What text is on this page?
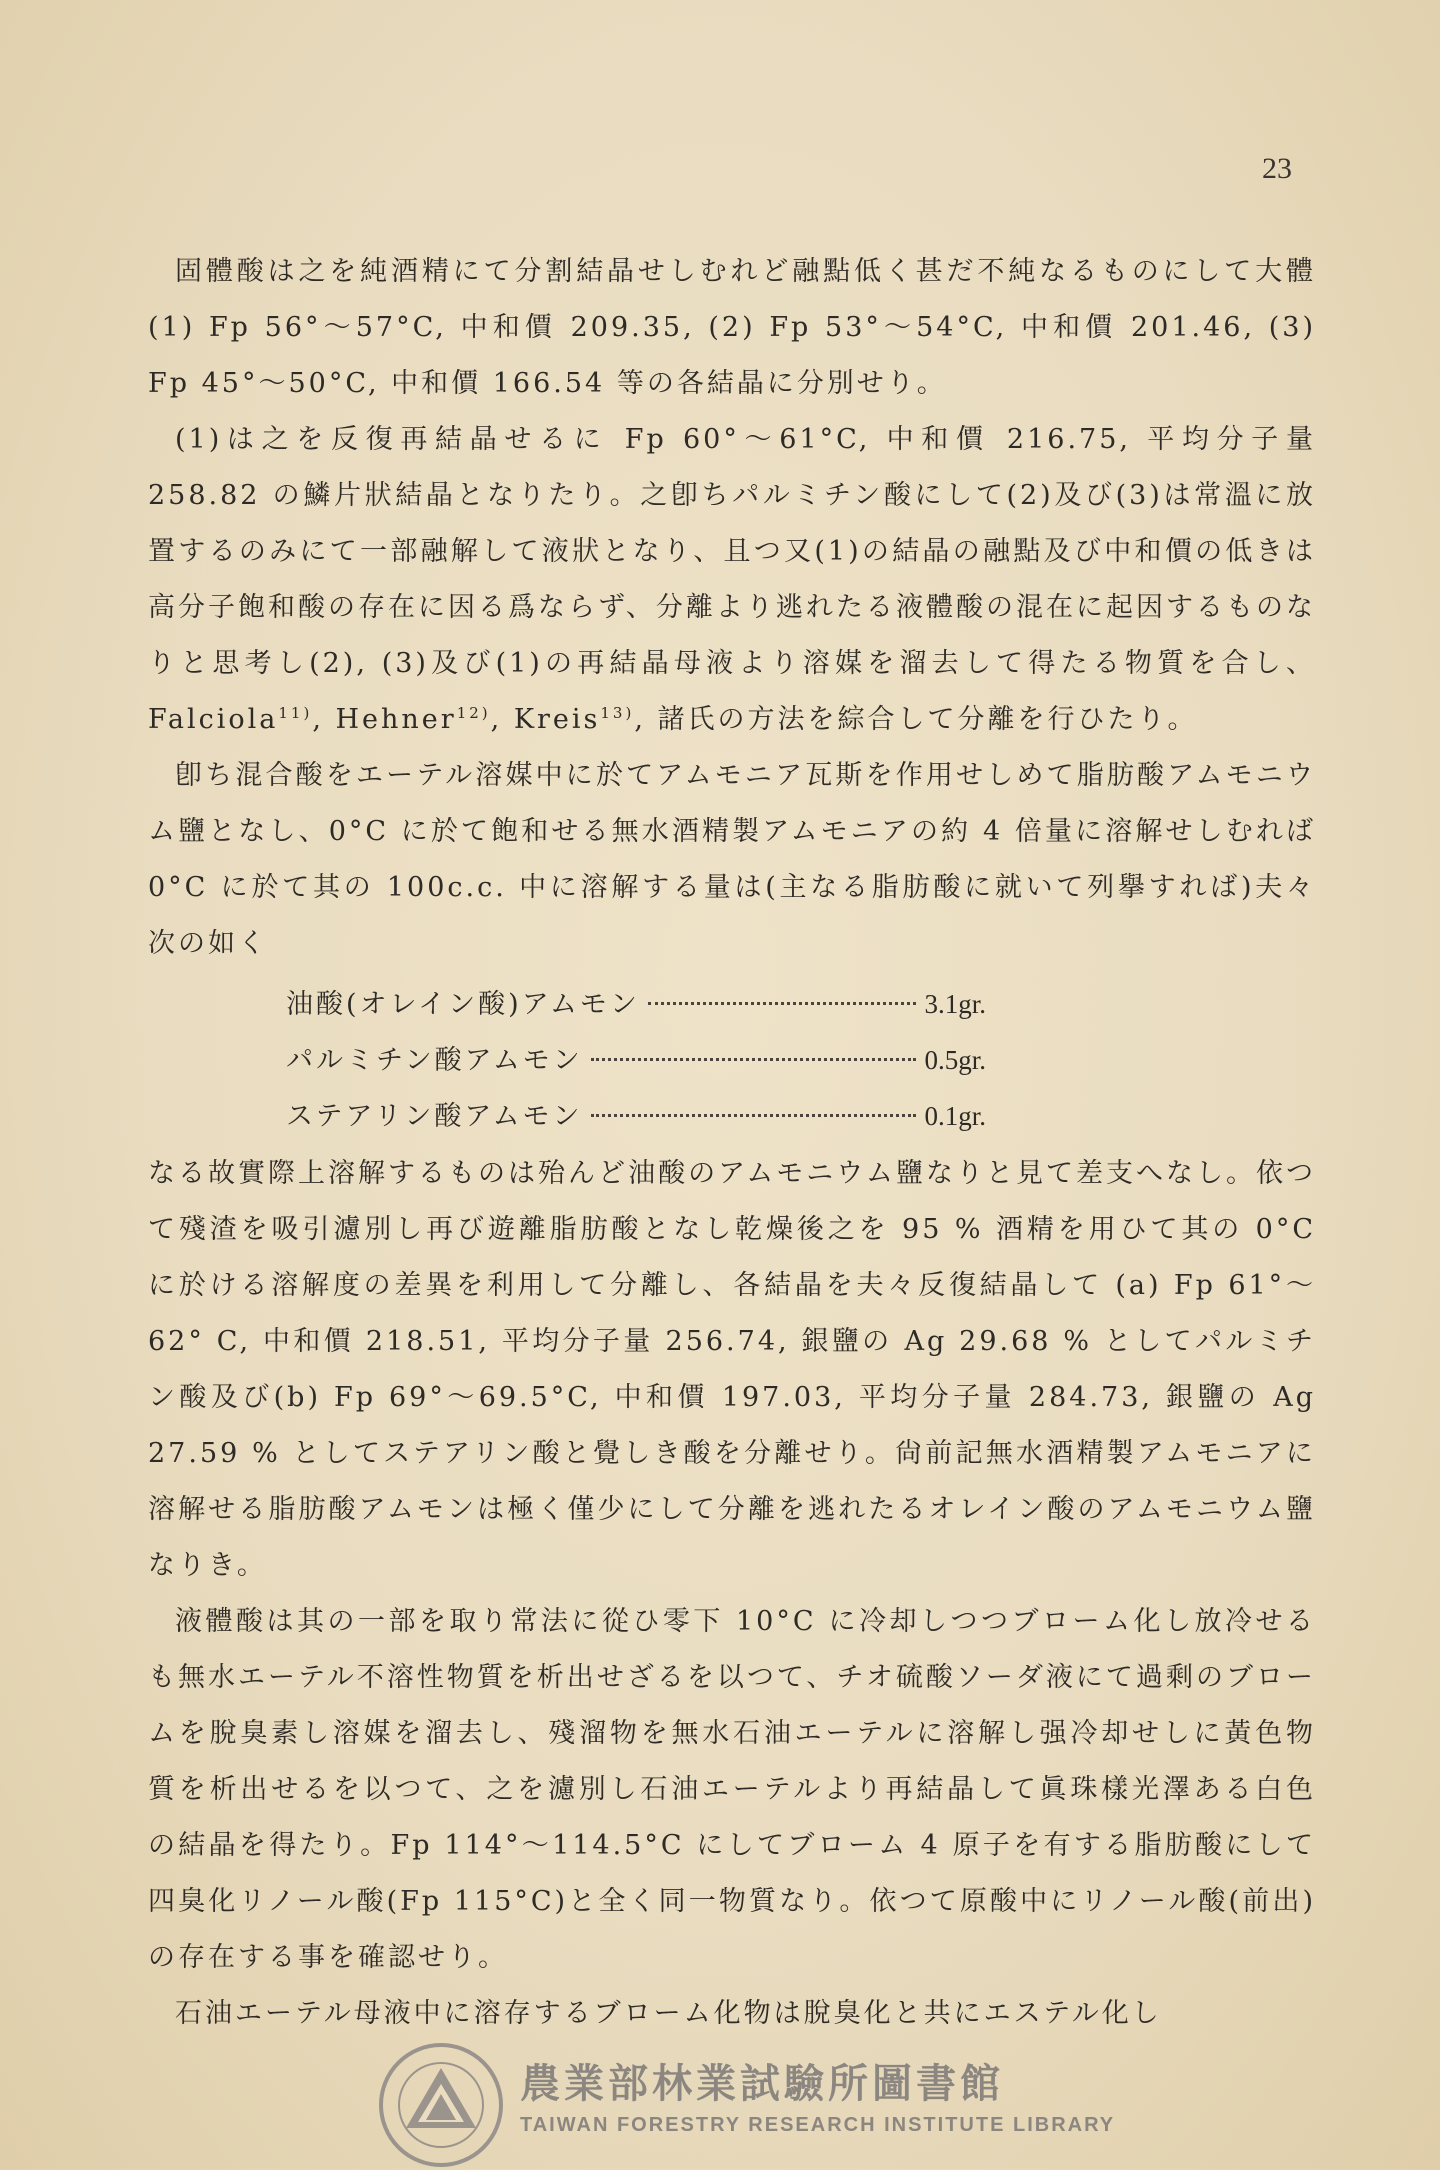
23

固體酸は之を純酒精にて分割結晶せしむれど融點低く甚だ不純なるものにして大體(1) Fp 56°～57°C, 中和價 209.35, (2) Fp 53°～54°C, 中和價 201.46, (3) Fp 45°～50°C, 中和價 166.54 等の各結晶に分別せり。

(1)は之を反復再結晶せるに Fp 60°～61°C, 中和價 216.75, 平均分子量 258.82 の鱗片狀結晶となりたり。之卽ちパルミチン酸にして(2)及び(3)は常溫に放置するのみにて一部融解して液狀となり、且つ又(1)の結晶の融點及び中和價の低きは高分子飽和酸の存在に因る爲ならず、分離より逃れたる液體酸の混在に起因するものなりと思考し(2), (3)及び(1)の再結晶母液より溶媒を溜去して得たる物質を合し、Falciola$^{11)}$, Hehner$^{12)}$, Kreis$^{13)}$, 諸氏の方法を綜合して分離を行ひたり。

卽ち混合酸をエーテル溶媒中に於てアムモニア瓦斯を作用せしめて脂肪酸アムモニウム鹽となし、0°C に於て飽和せる無水酒精製アムモニアの約 4 倍量に溶解せしむれば 0°C に於て其の 100c.c. 中に溶解する量は(主なる脂肪酸に就いて列擧すれば)夫々次の如く

油酸(オレイン酸)アムモン	3.1gr.
パルミチン酸アムモン	0.5gr.
ステアリン酸アムモン	0.1gr.

なる故實際上溶解するものは殆んど油酸のアムモニウム鹽なりと見て差支へなし。依つて殘渣を吸引濾別し再び遊離脂肪酸となし乾燥後之を 95 % 酒精を用ひて其の 0°C に於ける溶解度の差異を利用して分離し、各結晶を夫々反復結晶して (a) Fp 61°～62° C, 中和價 218.51, 平均分子量 256.74, 銀鹽の Ag 29.68 % としてパルミチン酸及び(b) Fp 69°～69.5°C, 中和價 197.03, 平均分子量 284.73, 銀鹽の Ag 27.59 % としてステアリン酸と覺しき酸を分離せり。尙前記無水酒精製アムモニアに溶解せる脂肪酸アムモンは極く僅少にして分離を逃れたるオレイン酸のアムモニウム鹽なりき。

液體酸は其の一部を取り常法に從ひ零下 10°C に冷却しつつブローム化し放冷せるも無水エーテル不溶性物質を析出せざるを以つて、チオ硫酸ソーダ液にて過剩のブロームを脫臭素し溶媒を溜去し、殘溜物を無水石油エーテルに溶解し强冷却せしに黃色物質を析出せるを以つて、之を濾別し石油エーテルより再結晶して眞珠樣光澤ある白色の結晶を得たり。Fp 114°～114.5°C にしてブローム 4 原子を有する脂肪酸にして四臭化リノール酸(Fp 115°C)と全く同一物質なり。依つて原酸中にリノール酸(前出)の存在する事を確認せり。

石油エーテル母液中に溶存するブローム化物は脫臭化と共にエステル化し

農業部林業試驗所圖書館
TAIWAN FORESTRY RESEARCH INSTITUTE LIBRARY
